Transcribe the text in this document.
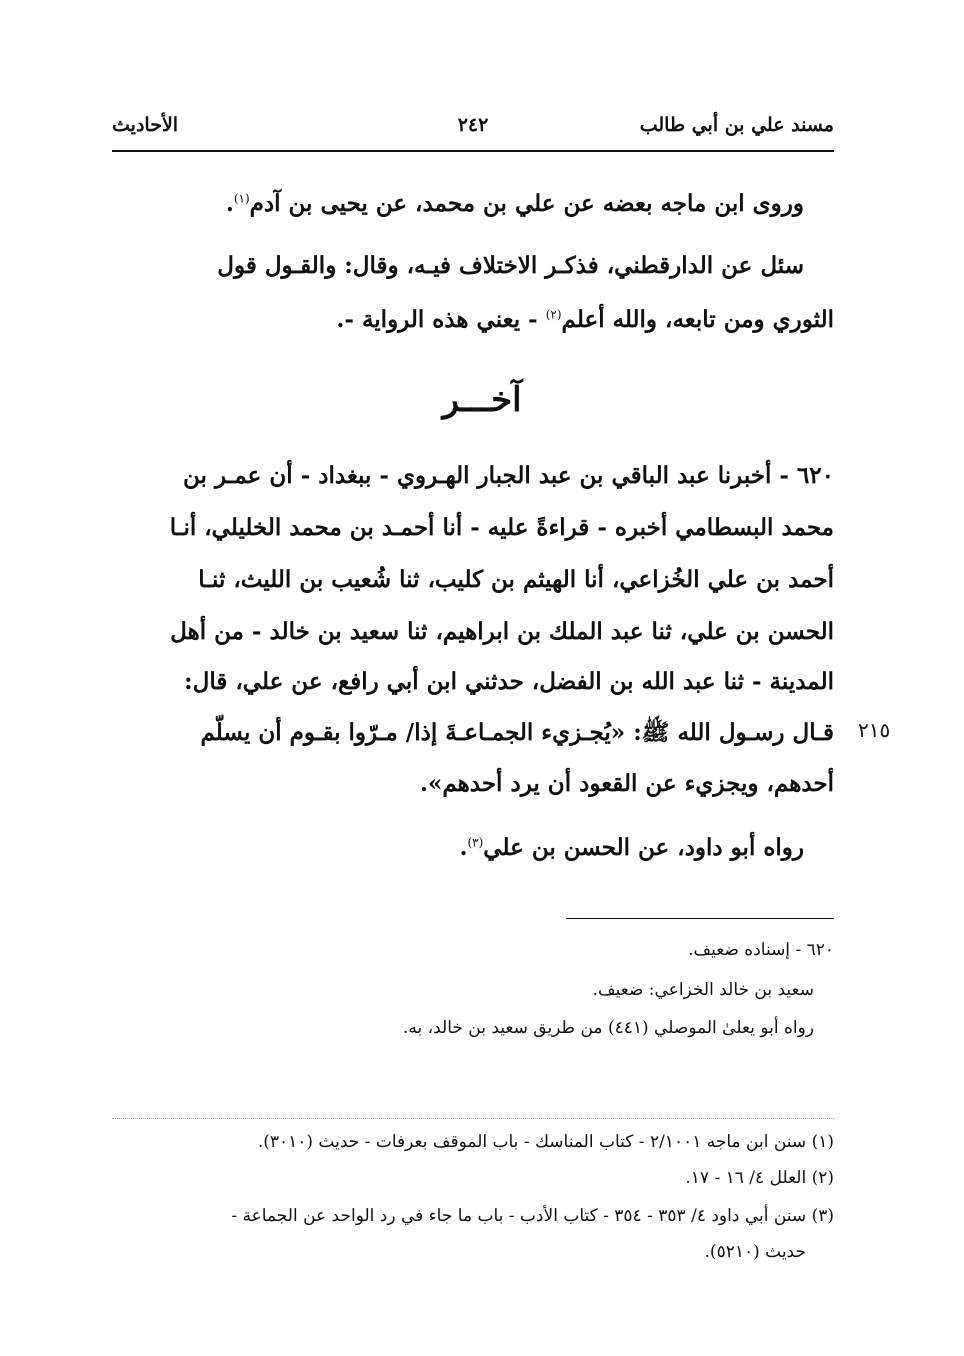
مسند علي بن أبي طالب
٢٤٢
الأحاديث
وروى ابن ماجه بعضه عن علي بن محمد، عن يحيى بن آدم$^{(١)}$.
سئل عن الدارقطني، فذكـر الاختلاف فيـه، وقال: والقـول قول
الثوري ومن تابعه، والله أعلم$^{(٢)}$ - يعني هذه الرواية -.
آخـــر
٦٢٠ - أخبرنا عبد الباقي بن عبد الجبار الهـروي - ببغداد - أن عمـر بن
محمد البسطامي أخبره - قراءةً عليه - أنا أحمـد بن محمد الخليلي، أنـا
أحمد بن علي الخُزاعي، أنا الهيثم بن كليب، ثنا شُعيب بن الليث، ثنـا
الحسن بن علي، ثنا عبد الملك بن ابراهيم، ثنا سعيد بن خالد - من أهل
المدينة - ثنا عبد الله بن الفضل، حدثني ابن أبي رافع، عن علي، قال:
قـال رسـول الله ﷺ: «يُجـزيء الجمـاعـةَ إذا/ مـرّوا بقـوم أن يسلّم
أحدهم، ويجزيء عن القعود أن يرد أحدهم».
رواه أبو داود، عن الحسن بن علي$^{(٣)}$.
٢١٥
٦٢٠ - إسناده ضعيف.
سعيد بن خالد الخزاعي: ضعيف.
رواه أبو يعلىٰ الموصلي (٤٤١) من طريق سعيد بن خالد، به.
(١) سنن ابن ماجه ٢/١٠٠١ - كتاب المناسك - باب الموقف بعرفات - حديث (٣٠١٠).
(٢) العلل ٤/ ١٦ - ١٧.
(٣) سنن أبي داود ٤/ ٣٥٣ - ٣٥٤ - كتاب الأدب - باب ما جاء في رد الواحد عن الجماعة -
حديث (٥٢١٠).
